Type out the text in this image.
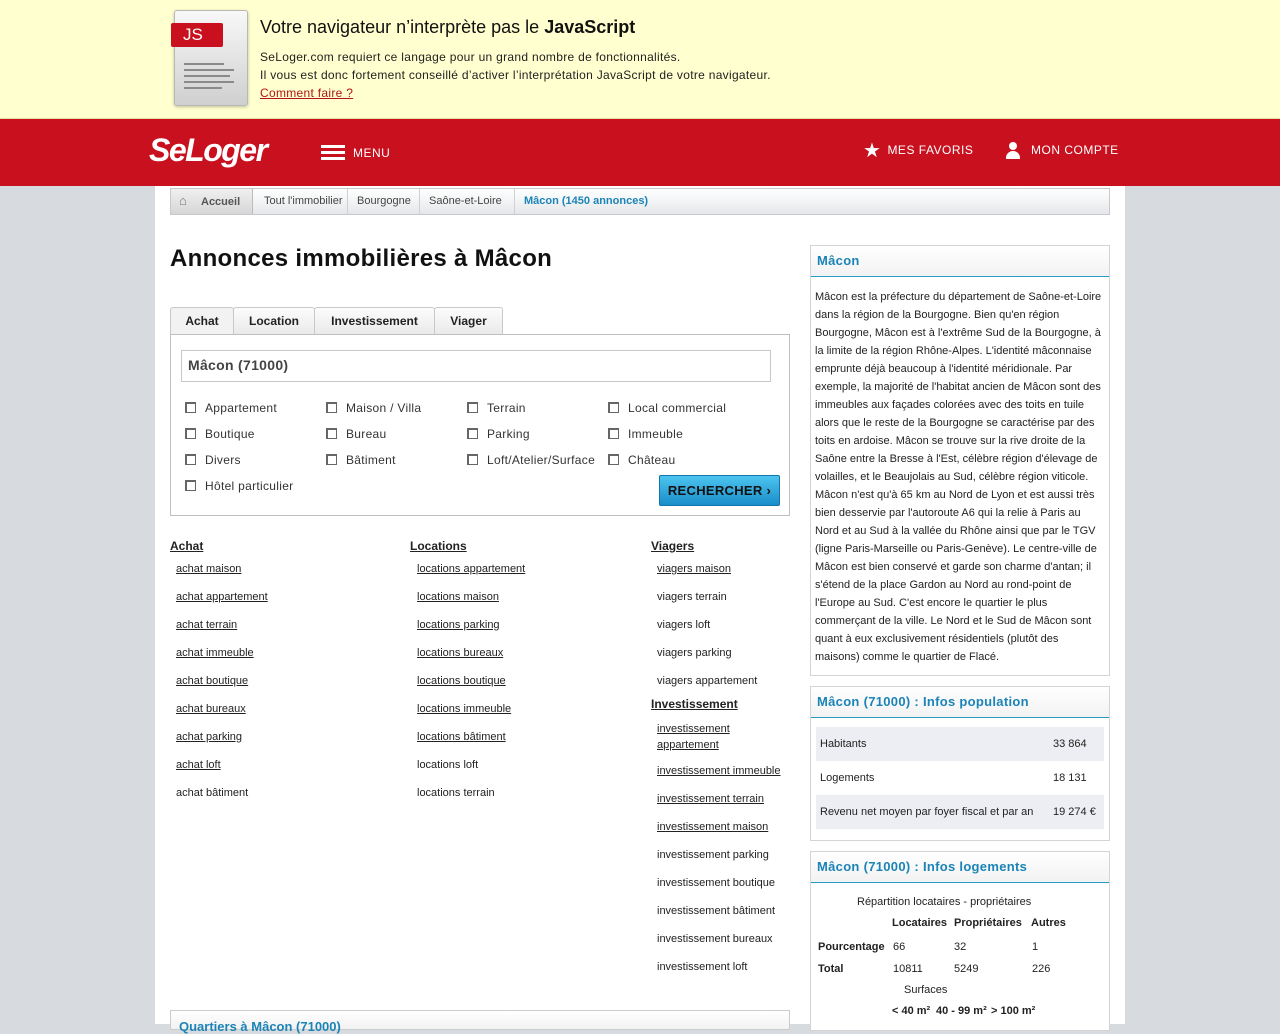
JS	Votre navigateur n’interprète pas le JavaScript
SeLoger.com requiert ce langage pour un grand nombre de fonctionnalités.
Il vous est donc fortement conseillé d’activer l’interprétation JavaScript de votre navigateur.
Comment faire ?
SeLoger	MENU	★ MES FAVORIS	MON COMPTE
⌂	Accueil Tout l'immobilier Bourgogne Saône-et-Loire Mâcon (1450 annonces)
Annonces immobilières à Mâcon
Achat	Location	Investissement	Viager
Mâcon (71000)
Appartement	Maison / Villa	Terrain	Local commercial
Boutique	Bureau	Parking	Immeuble
Divers	Bâtiment	Loft/Atelier/Surface	Château
Hôtel particulier	RECHERCHER ›
Achat
achat maison
achat appartement
achat terrain
achat immeuble
achat boutique
achat bureaux
achat parking
achat loft
achat bâtiment
Locations
locations appartement
locations maison
locations parking
locations bureaux
locations boutique
locations immeuble
locations bâtiment
locations loft
locations terrain
Viagers
viagers maison
viagers terrain
viagers loft
viagers parking
viagers appartement
Investissement
investissement appartement
investissement immeuble
investissement terrain
investissement maison
investissement parking
investissement boutique
investissement bâtiment
investissement bureaux
investissement loft
Quartiers à Mâcon (71000)
Mâcon
Mâcon est la préfecture du département de Saône-et-Loire dans la région de la Bourgogne. Bien qu'en région Bourgogne, Mâcon est à l'extrême Sud de la Bourgogne, à la limite de la région Rhône-Alpes. L'identité mâconnaise emprunte déjà beaucoup à l'identité méridionale. Par exemple, la majorité de l'habitat ancien de Mâcon sont des immeubles aux façades colorées avec des toits en tuile alors que le reste de la Bourgogne se caractérise par des toits en ardoise. Mâcon se trouve sur la rive droite de la Saône entre la Bresse à l'Est, célèbre région d'élevage de volailles, et le Beaujolais au Sud, célèbre région viticole. Mâcon n'est qu'à 65 km au Nord de Lyon et est aussi très bien desservie par l'autoroute A6 qui la relie à Paris au Nord et au Sud à la vallée du Rhône ainsi que par le TGV (ligne Paris-Marseille ou Paris-Genève). Le centre-ville de Mâcon est bien conservé et garde son charme d'antan; il s'étend de la place Gardon au Nord au rond-point de l'Europe au Sud. C'est encore le quartier le plus commerçant de la ville. Le Nord et le Sud de Mâcon sont quant à eux exclusivement résidentiels (plutôt des maisons) comme le quartier de Flacé.
Mâcon (71000) : Infos population
Habitants	33 864
Logements	18 131
Revenu net moyen par foyer fiscal et par an 19 274 €
Mâcon (71000) : Infos logements
Répartition locataires - propriétaires
Locataires Propriétaires Autres
Pourcentage 66	32	1
Total	10811	5249	226
Surfaces
< 40 m² 40 - 99 m² > 100 m²
